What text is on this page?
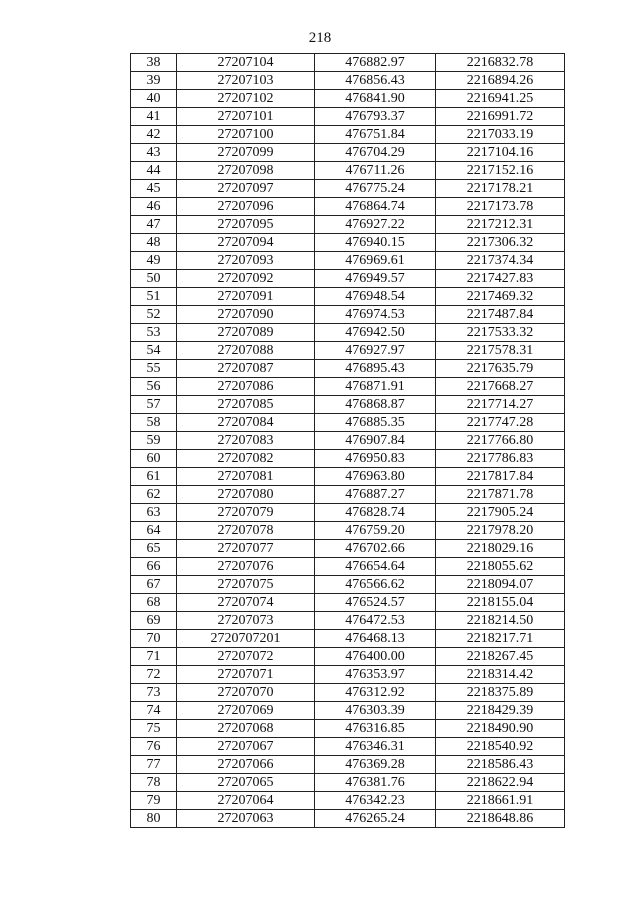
218
38	27207104	476882.97	2216832.78
39	27207103	476856.43	2216894.26
40	27207102	476841.90	2216941.25
41	27207101	476793.37	2216991.72
42	27207100	476751.84	2217033.19
43	27207099	476704.29	2217104.16
44	27207098	476711.26	2217152.16
45	27207097	476775.24	2217178.21
46	27207096	476864.74	2217173.78
47	27207095	476927.22	2217212.31
48	27207094	476940.15	2217306.32
49	27207093	476969.61	2217374.34
50	27207092	476949.57	2217427.83
51	27207091	476948.54	2217469.32
52	27207090	476974.53	2217487.84
53	27207089	476942.50	2217533.32
54	27207088	476927.97	2217578.31
55	27207087	476895.43	2217635.79
56	27207086	476871.91	2217668.27
57	27207085	476868.87	2217714.27
58	27207084	476885.35	2217747.28
59	27207083	476907.84	2217766.80
60	27207082	476950.83	2217786.83
61	27207081	476963.80	2217817.84
62	27207080	476887.27	2217871.78
63	27207079	476828.74	2217905.24
64	27207078	476759.20	2217978.20
65	27207077	476702.66	2218029.16
66	27207076	476654.64	2218055.62
67	27207075	476566.62	2218094.07
68	27207074	476524.57	2218155.04
69	27207073	476472.53	2218214.50
70	2720707201	476468.13	2218217.71
71	27207072	476400.00	2218267.45
72	27207071	476353.97	2218314.42
73	27207070	476312.92	2218375.89
74	27207069	476303.39	2218429.39
75	27207068	476316.85	2218490.90
76	27207067	476346.31	2218540.92
77	27207066	476369.28	2218586.43
78	27207065	476381.76	2218622.94
79	27207064	476342.23	2218661.91
80	27207063	476265.24	2218648.86
